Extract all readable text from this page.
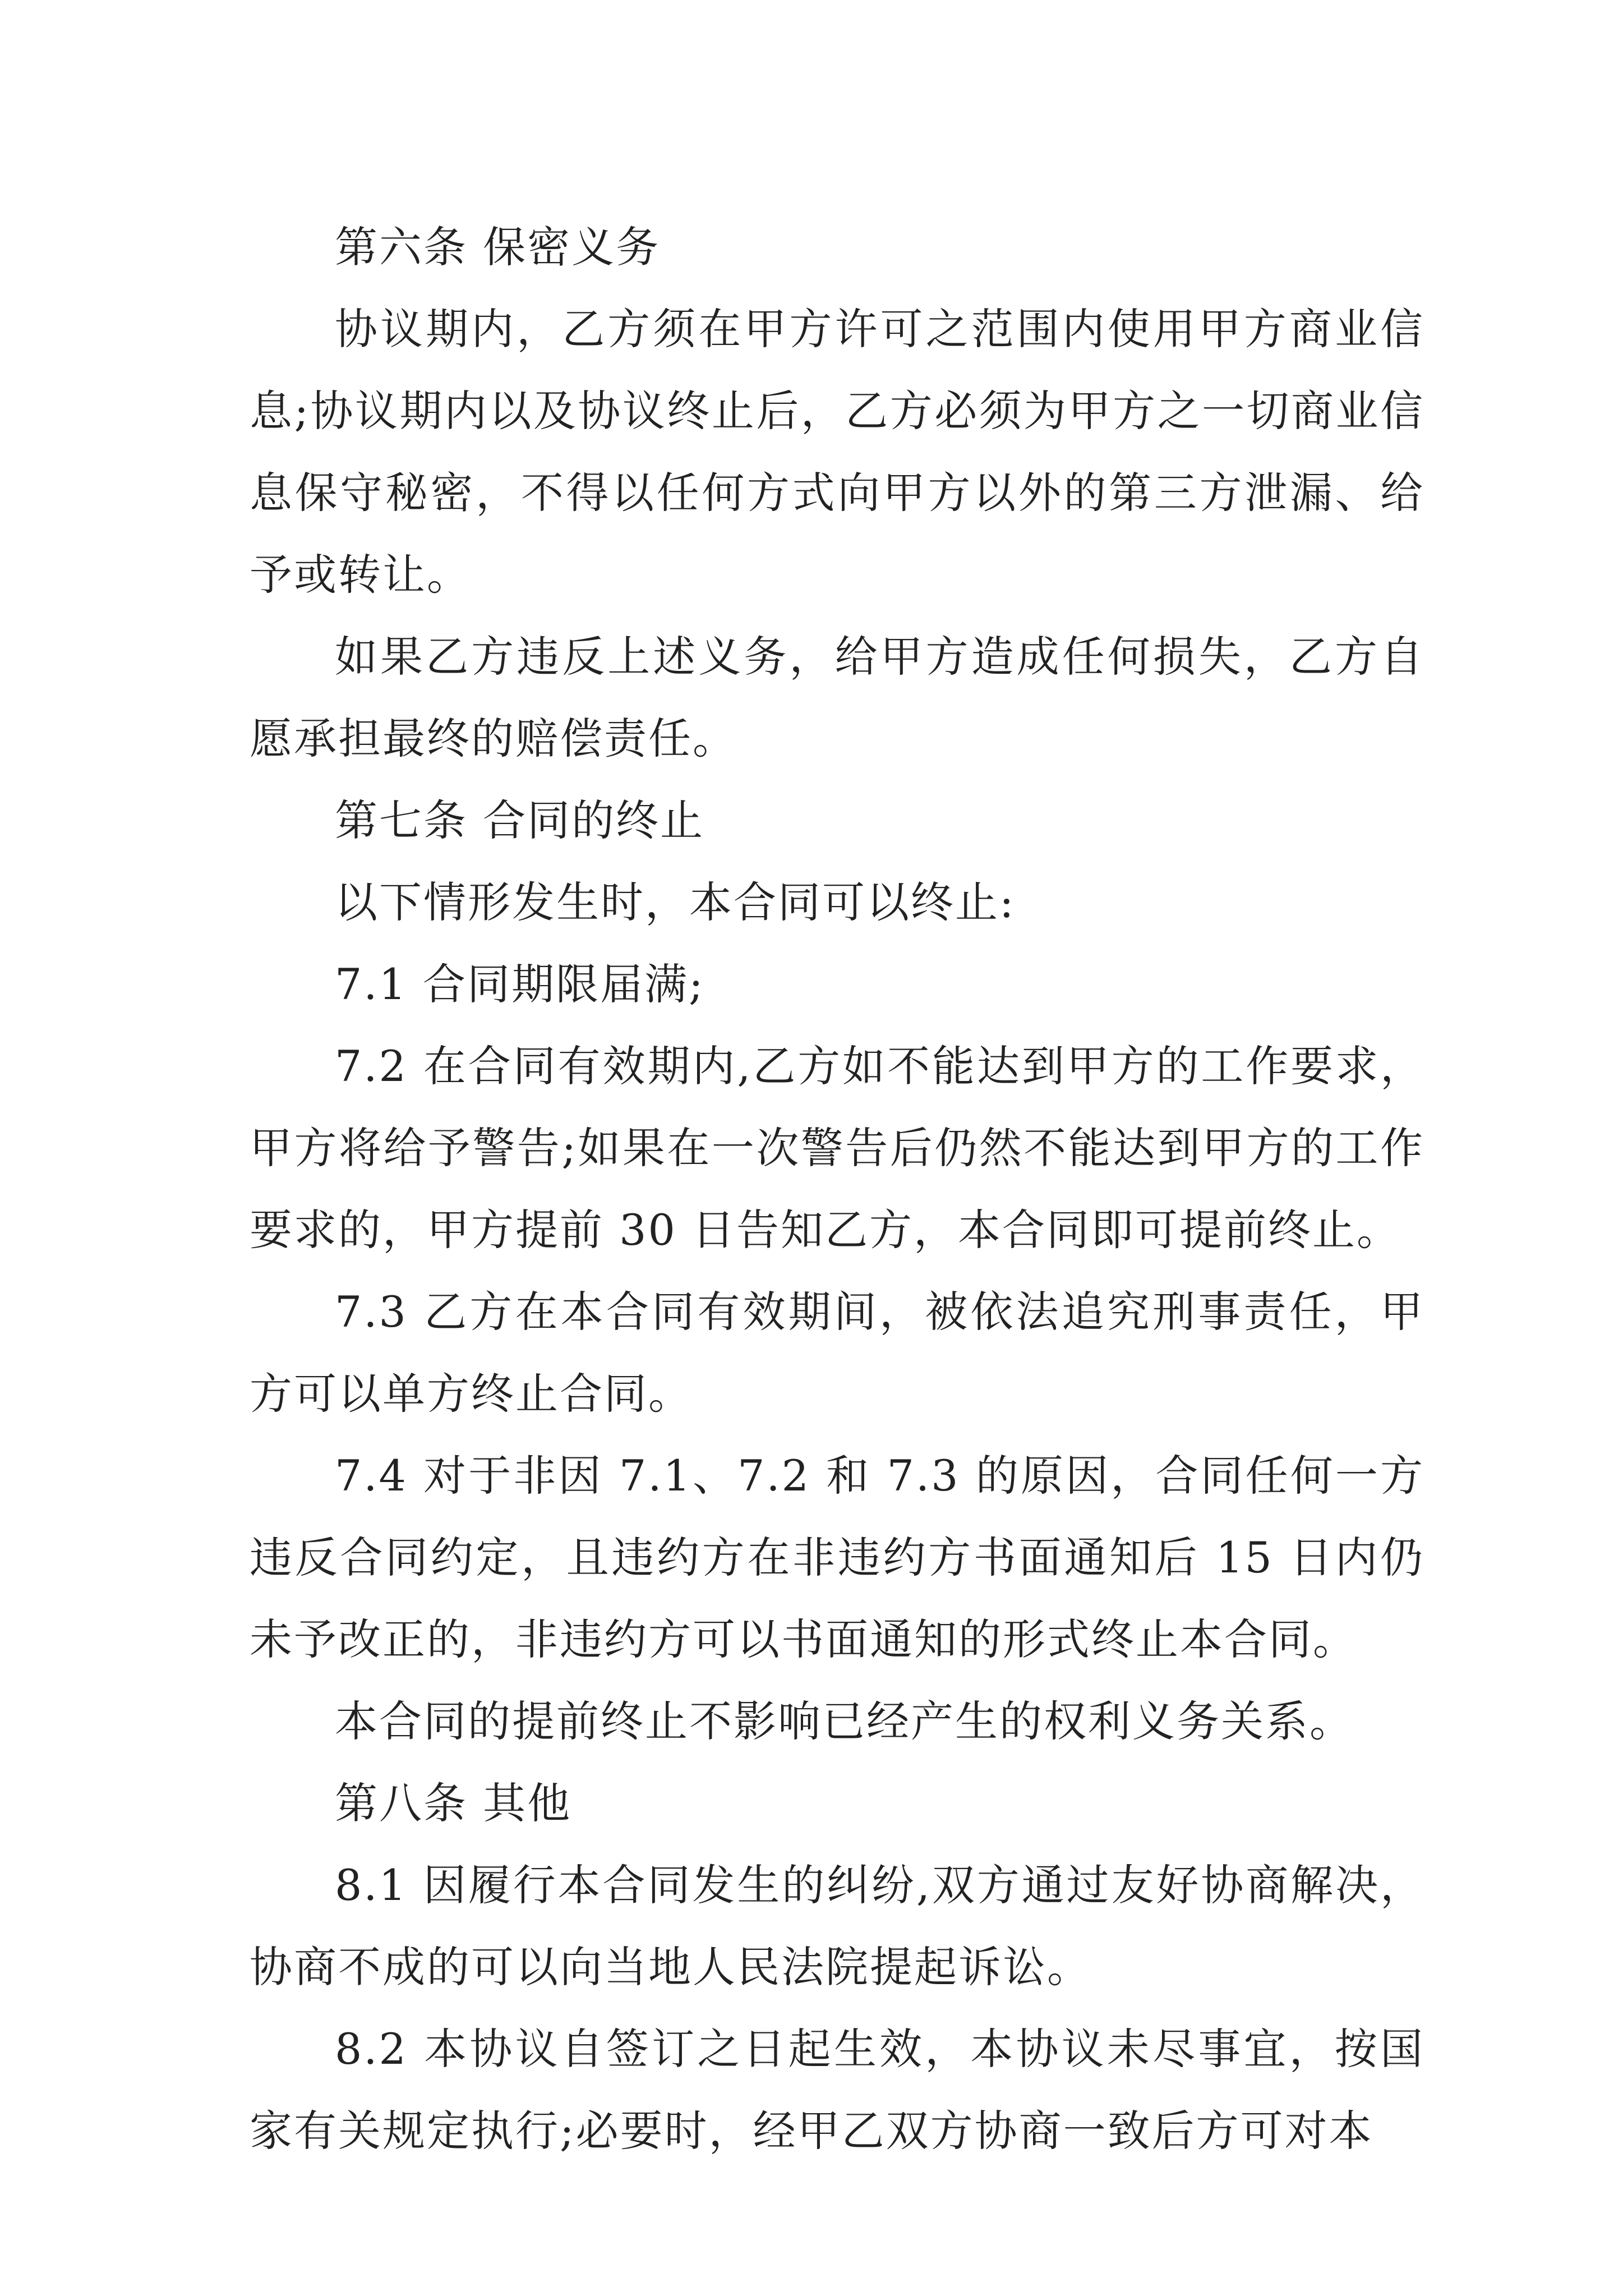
第六条 保密义务

协议期内，乙方须在甲方许可之范围内使用甲方商业信息;协议期内以及协议终止后，乙方必须为甲方之一切商业信息保守秘密，不得以任何方式向甲方以外的第三方泄漏、给予或转让。

如果乙方违反上述义务，给甲方造成任何损失，乙方自愿承担最终的赔偿责任。

第七条 合同的终止

以下情形发生时，本合同可以终止:

7.1 合同期限届满;

7.2 在合同有效期内,乙方如不能达到甲方的工作要求，甲方将给予警告;如果在一次警告后仍然不能达到甲方的工作要求的，甲方提前 30 日告知乙方，本合同即可提前终止。

7.3 乙方在本合同有效期间，被依法追究刑事责任，甲方可以单方终止合同。

7.4 对于非因 7.1、7.2 和 7.3 的原因，合同任何一方违反合同约定，且违约方在非违约方书面通知后 15 日内仍未予改正的，非违约方可以书面通知的形式终止本合同。

本合同的提前终止不影响已经产生的权利义务关系。

第八条 其他

8.1 因履行本合同发生的纠纷,双方通过友好协商解决，协商不成的可以向当地人民法院提起诉讼。

8.2 本协议自签订之日起生效，本协议未尽事宜，按国家有关规定执行;必要时，经甲乙双方协商一致后方可对本
